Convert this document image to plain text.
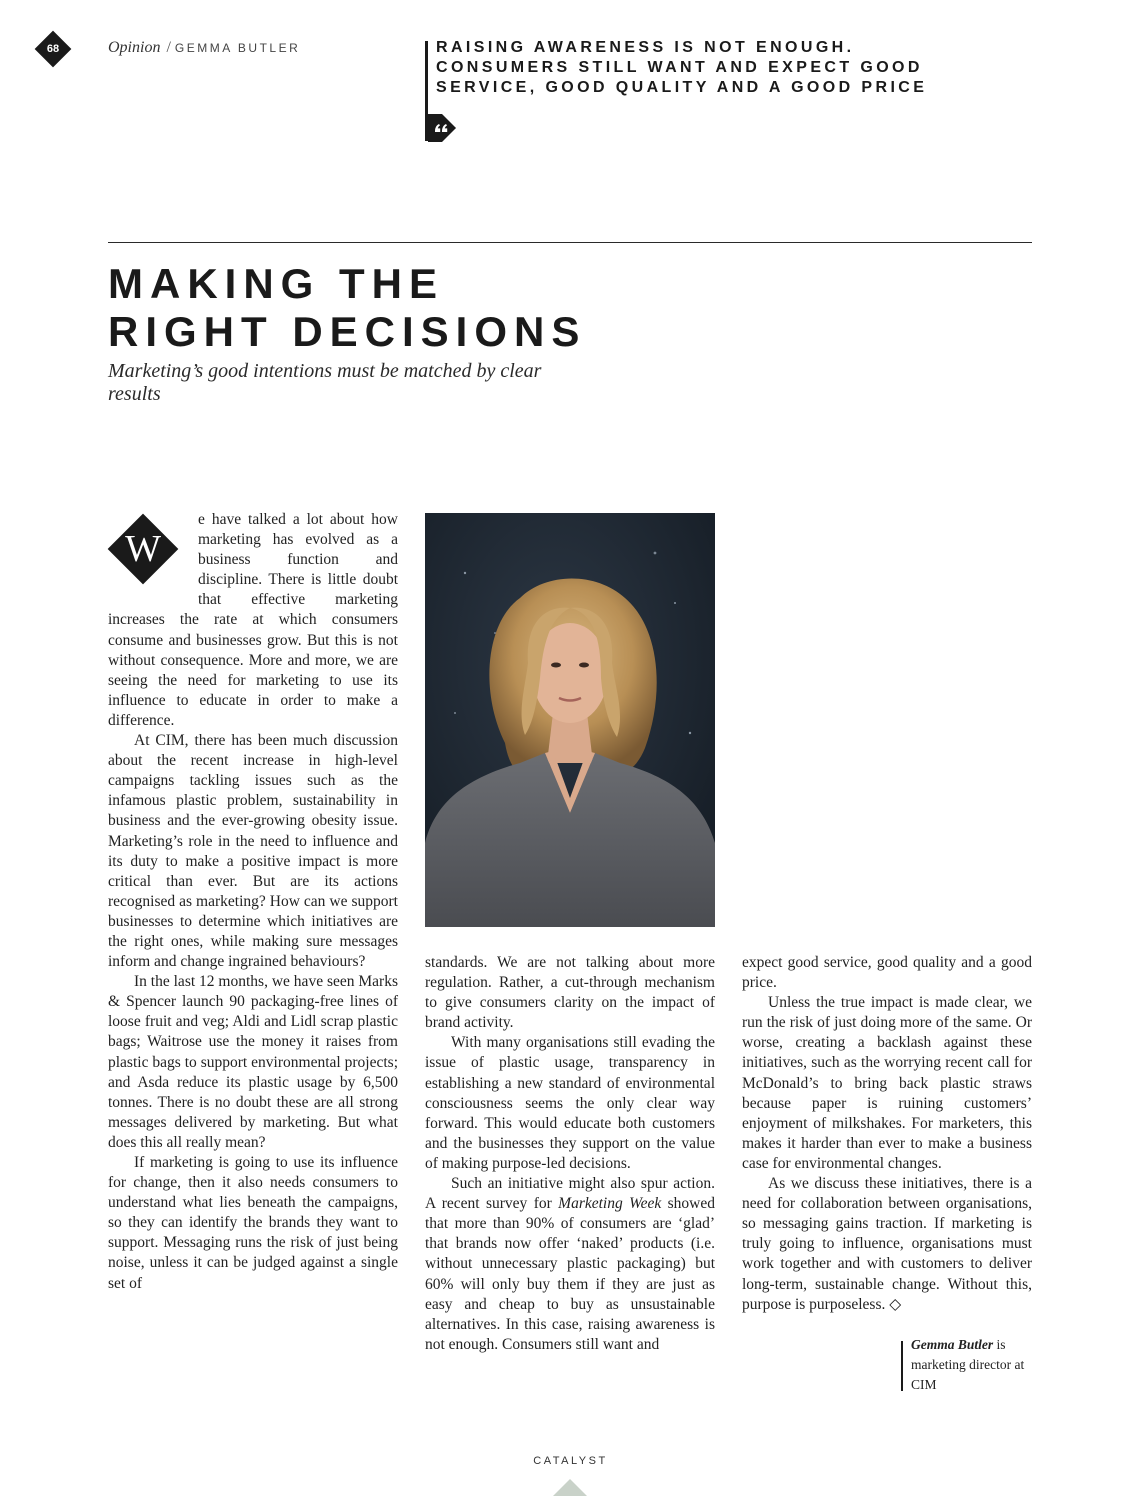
68	Opinion / GEMMA BUTLER	RAISING AWARENESS IS NOT ENOUGH. CONSUMERS STILL WANT AND EXPECT GOOD SERVICE, GOOD QUALITY AND A GOOD PRICE

MAKING THE
RIGHT DECISIONS

Marketing’s good intentions must be matched by clear results

W

e have talked a lot about how marketing has evolved as a business function and discipline. There is little doubt that effective marketing increases the rate at which consumers consume and businesses grow. But this is not without consequence. More and more, we are seeing the need for marketing to use its influence to educate in order to make a difference.

At CIM, there has been much discussion about the recent increase in high-level campaigns tackling issues such as the infamous plastic problem, sustainability in business and the ever-growing obesity issue. Marketing’s role in the need to influence and its duty to make a positive impact is more critical than ever. But are its actions recognised as marketing? How can we support businesses to determine which initiatives are the right ones, while making sure messages inform and change ingrained behaviours?

In the last 12 months, we have seen Marks & Spencer launch 90 packaging-free lines of loose fruit and veg; Aldi and Lidl scrap plastic bags; Waitrose use the money it raises from plastic bags to support environmental projects; and Asda reduce its plastic usage by 6,500 tonnes. There is no doubt these are all strong messages delivered by marketing. But what does this all really mean?

If marketing is going to use its influence for change, then it also needs consumers to understand what lies beneath the campaigns, so they can identify the brands they want to support. Messaging runs the risk of just being noise, unless it can be judged against a single set of

standards. We are not talking about more regulation. Rather, a cut-through mechanism to give consumers clarity on the impact of brand activity.

With many organisations still evading the issue of plastic usage, transparency in establishing a new standard of environmental consciousness seems the only clear way forward. This would educate both customers and the businesses they support on the value of making purpose-led decisions.

Such an initiative might also spur action. A recent survey for Marketing Week showed that more than 90% of consumers are ‘glad’ that brands now offer ‘naked’ products (i.e. without unnecessary plastic packaging) but 60% will only buy them if they are just as easy and cheap to buy as unsustainable alternatives. In this case, raising awareness is not enough. Consumers still want and

expect good service, good quality and a good price.

Unless the true impact is made clear, we run the risk of just doing more of the same. Or worse, creating a backlash against these initiatives, such as the worrying recent call for McDonald’s to bring back plastic straws because paper is ruining customers’ enjoyment of milkshakes. For marketers, this makes it harder than ever to make a business case for environmental changes.

As we discuss these initiatives, there is a need for collaboration between organisations, so messaging gains traction. If marketing is truly going to influence, organisations must work together and with customers to deliver long-term, sustainable change. Without this, purpose is purposeless. ◇

Gemma Butler is marketing director at CIM

CATALYST
